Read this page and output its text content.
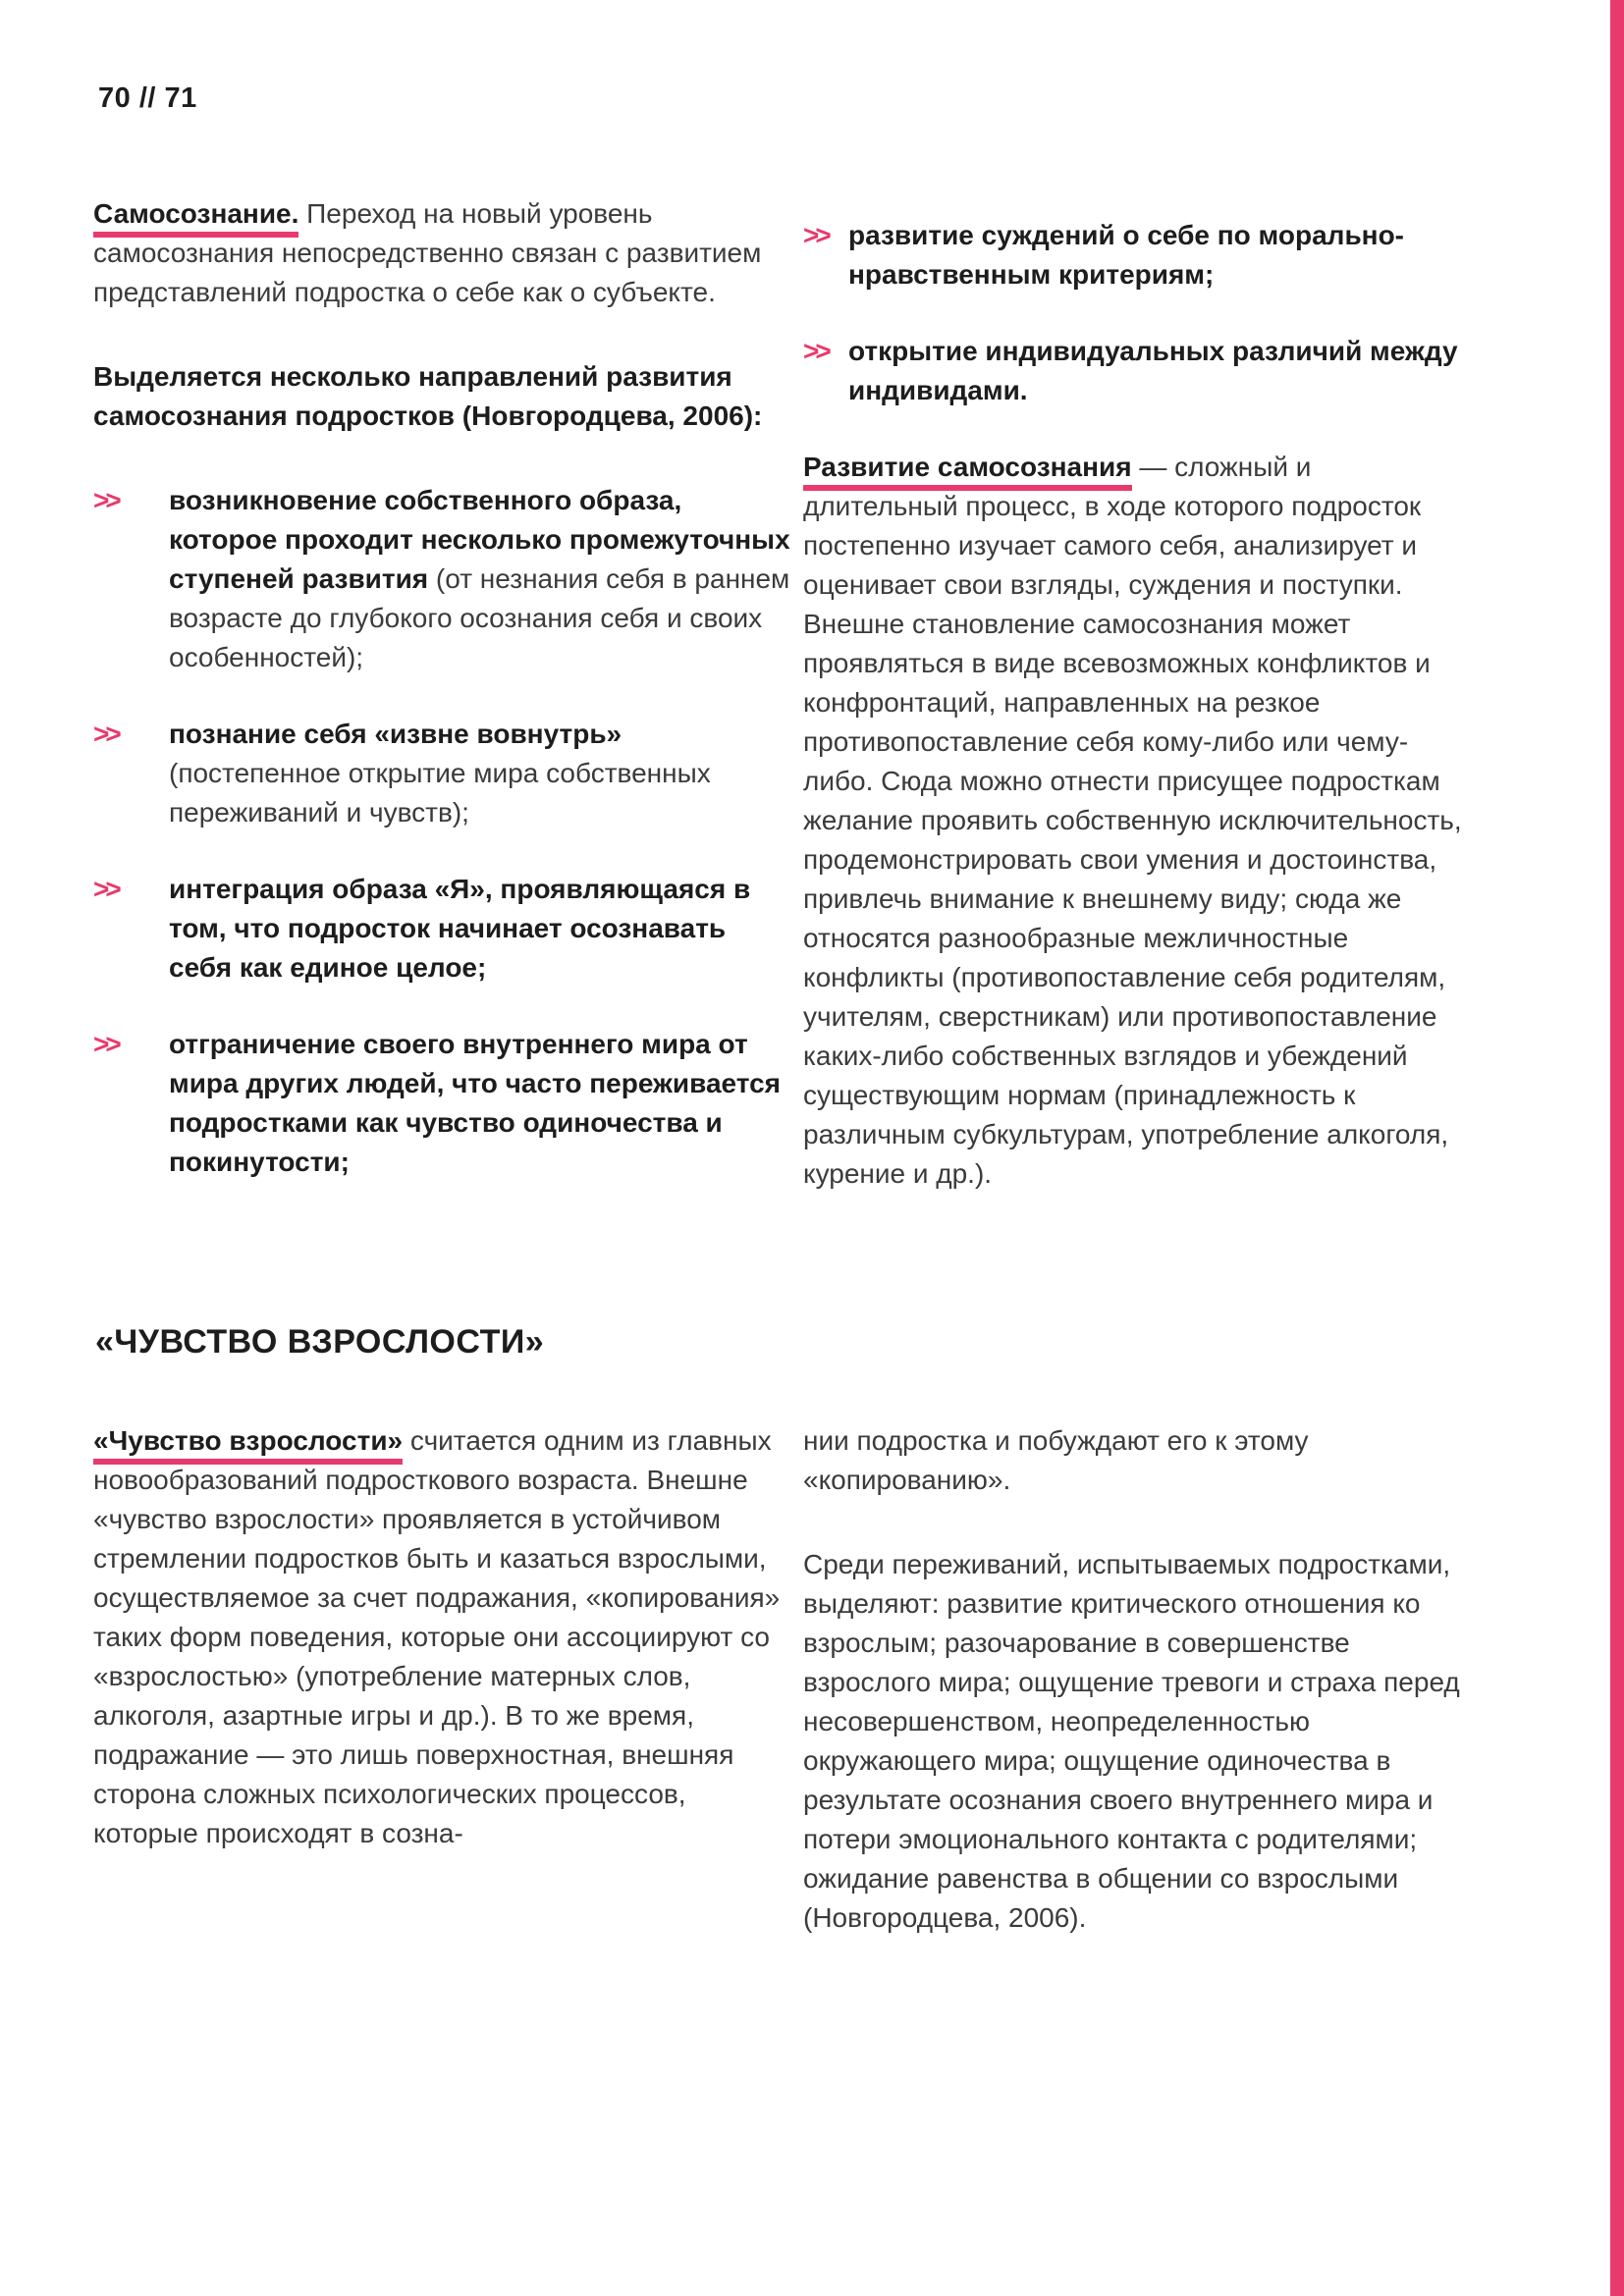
70 // 71

Самосознание. Переход на новый уровень самосознания непосредственно связан с развитием представлений подростка о себе как о субъекте.

Выделяется несколько направлений развития самосознания подростков (Новгородцева, 2006):

>>	возникновение собственного образа, которое проходит несколько промежуточных ступеней развития (от незнания себя в раннем возрасте до глубокого осознания себя и своих особенностей);
>>	познание себя «извне вовнутрь» (постепенное открытие мира собственных переживаний и чувств);
>>	интеграция образа «Я», проявляющаяся в том, что подросток начинает осознавать себя как единое целое;
>>	отграничение своего внутреннего мира от мира других людей, что часто переживается подростками как чувство одиночества и покинутости;
>> развитие суждений о себе по морально-нравственным критериям;
>> открытие индивидуальных различий между индивидами.

Развитие самосознания — сложный и длительный процесс, в ходе которого подросток постепенно изучает самого себя, анализирует и оценивает свои взгляды, суждения и поступки. Внешне становление самосознания может проявляться в виде всевозможных конфликтов и конфронтаций, направленных на резкое противопоставление себя кому-либо или чему-либо. Сюда можно отнести присущее подросткам желание проявить собственную исключительность, продемонстрировать свои умения и достоинства, привлечь внимание к внешнему виду; сюда же относятся разнообразные межличностные конфликты (противопоставление себя родителям, учителям, сверстникам) или противопоставление каких-либо собственных взглядов и убеждений существующим нормам (принадлежность к различным субкультурам, употребление алкоголя, курение и др.).

«ЧУВСТВО ВЗРОСЛОСТИ»

«Чувство взрослости» считается одним из главных новообразований подросткового возраста. Внешне «чувство взрослости» проявляется в устойчивом стремлении подростков быть и казаться взрослыми, осуществляемое за счет подражания, «копирования» таких форм поведения, которые они ассоциируют со «взрослостью» (употребление матерных слов, алкоголя, азартные игры и др.). В то же время, подражание — это лишь поверхностная, внешняя сторона сложных психологических процессов, которые происходят в созна-

нии подростка и побуждают его к этому «копированию».

Среди переживаний, испытываемых подростками, выделяют: развитие критического отношения ко взрослым; разочарование в совершенстве взрослого мира; ощущение тревоги и страха перед несовершенством, неопределенностью окружающего мира; ощущение одиночества в результате осознания своего внутреннего мира и потери эмоционального контакта с родителями; ожидание равенства в общении со взрослыми (Новгородцева, 2006).
